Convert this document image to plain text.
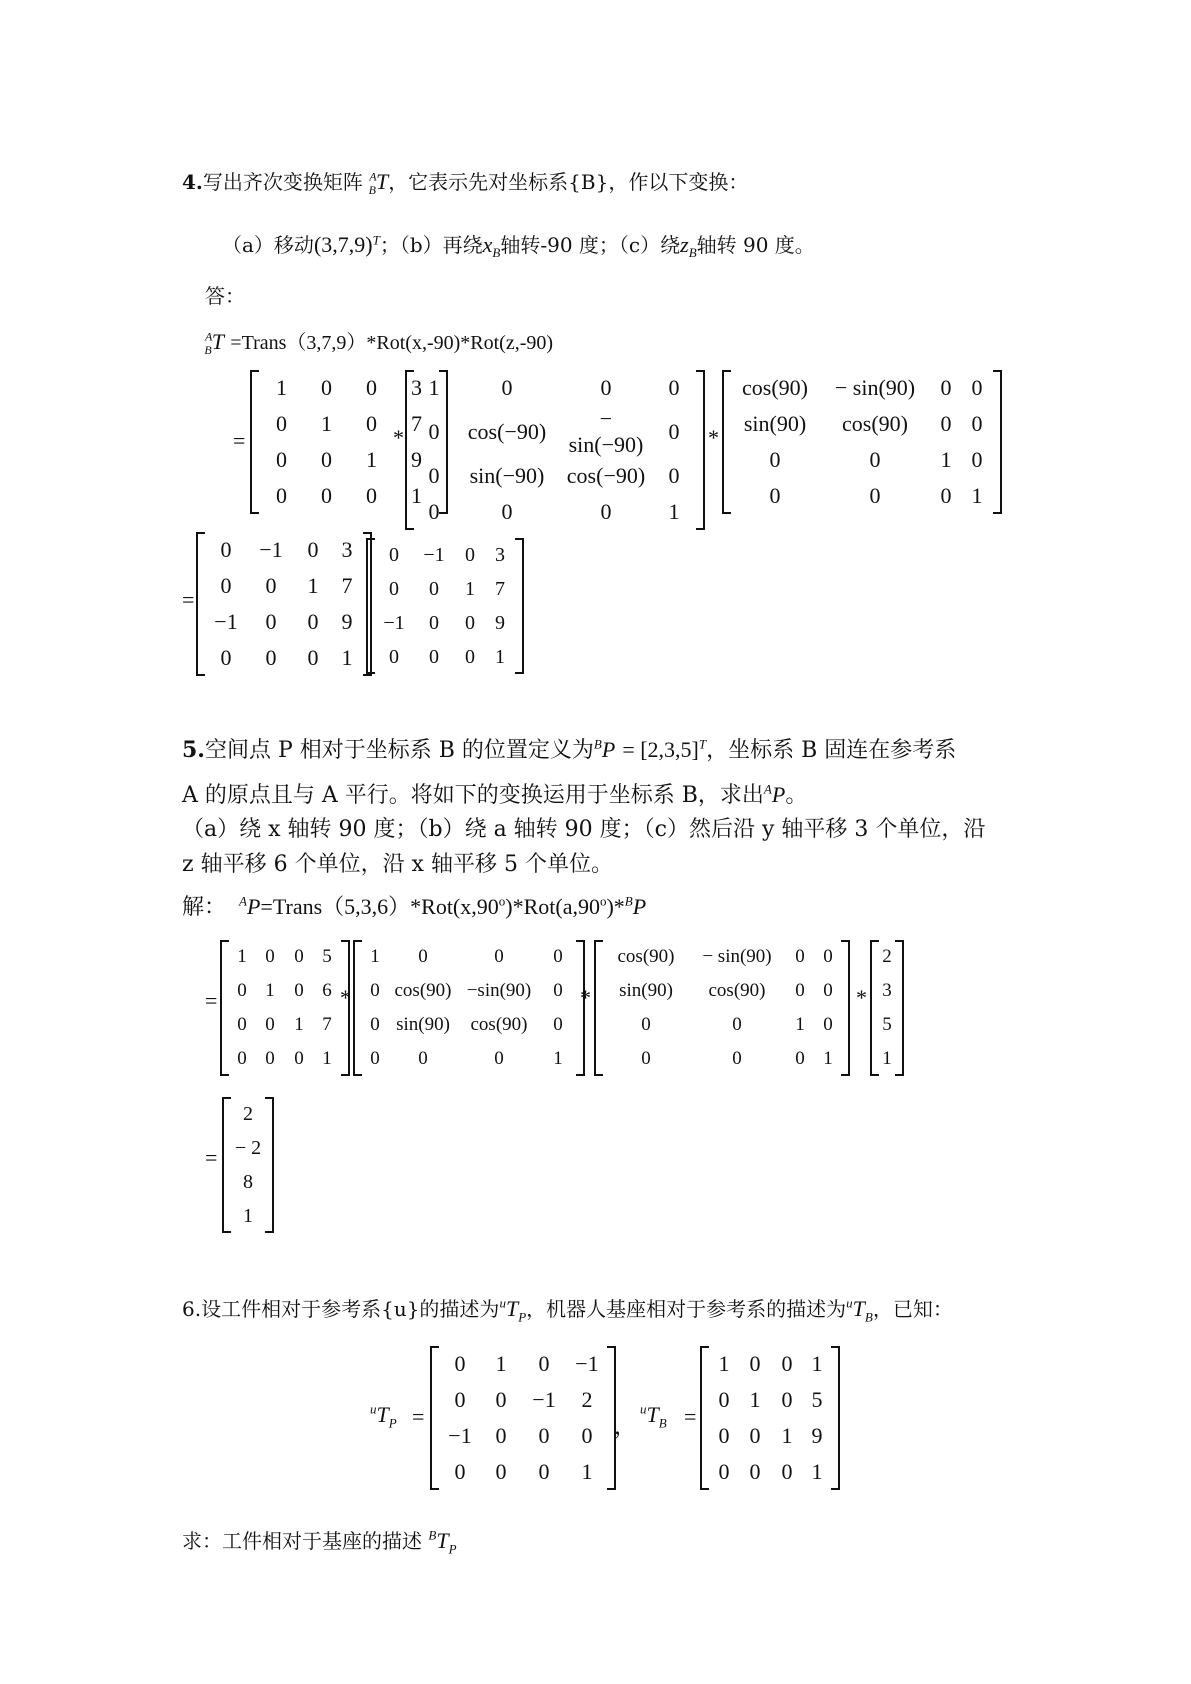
4.写出齐次变换矩阵 $^A_B$T，它表示先对坐标系{B}，作以下变换：
（a）移动$(3,7,9)^T$；（b）再绕$x_B$轴转-90 度；（c）绕$z_B$轴转 90 度。
答：
$^A_B$T =Trans（3,7,9）*Rot(x,-90)*Rot(z,-90)
=
1	0	0	3
0	1	0	7
0	0	1	9
0	0	0	1
*
1	0	0	0
0	cos(−90)	− sin(−90)	0
0	sin(−90)	cos(−90)	0
0	0	0	1
*
cos(90)	− sin(90)	0	0
sin(90)	cos(90)	0	0
0	0	1	0
0	0	0	1
=
0	−1	0	3
0	0	1	7
−1	0	0	9
0	0	0	1
0	−1	0	3
0	0	1	7
−1	0	0	9
0	0	0	1
5.空间点 P 相对于坐标系 B 的位置定义为$^BP = [2,3,5]^T$，坐标系 B 固连在参考系
A 的原点且与 A 平行。将如下的变换运用于坐标系 B，求出$^A$P。
（a）绕 x 轴转 90 度；（b）绕 a 轴转 90 度；（c）然后沿 y 轴平移 3 个单位，沿
z 轴平移 6 个单位，沿 x 轴平移 5 个单位。
解： $^AP=Trans(5,3,6)*Rot(x,90^o)*Rot(a,90^o)*^BP$
=
1	0	0	5
0	1	0	6
0	0	1	7
0	0	0	1
*
1	0	0	0
0	cos(90)	−sin(90)	0
0	sin(90)	cos(90)	0
0	0	0	1
*
cos(90)	− sin(90)	0	0
sin(90)	cos(90)	0	0
0	0	1	0
0	0	0	1
*
2
3
5
1
=
2
− 2
8
1
6.设工件相对于参考系{u}的描述为$^uT_P$，机器人基座相对于参考系的描述为$^uT_B$，已知：
$^uT_P$ =
0	1	0	−1
0	0	−1	2
−1	0	0	0
0	0	0	1
，
$^uT_B$ =
1	0	0	1
0	1	0	5
0	0	1	9
0	0	0	1
求：工件相对于基座的描述 $^BT_P$
